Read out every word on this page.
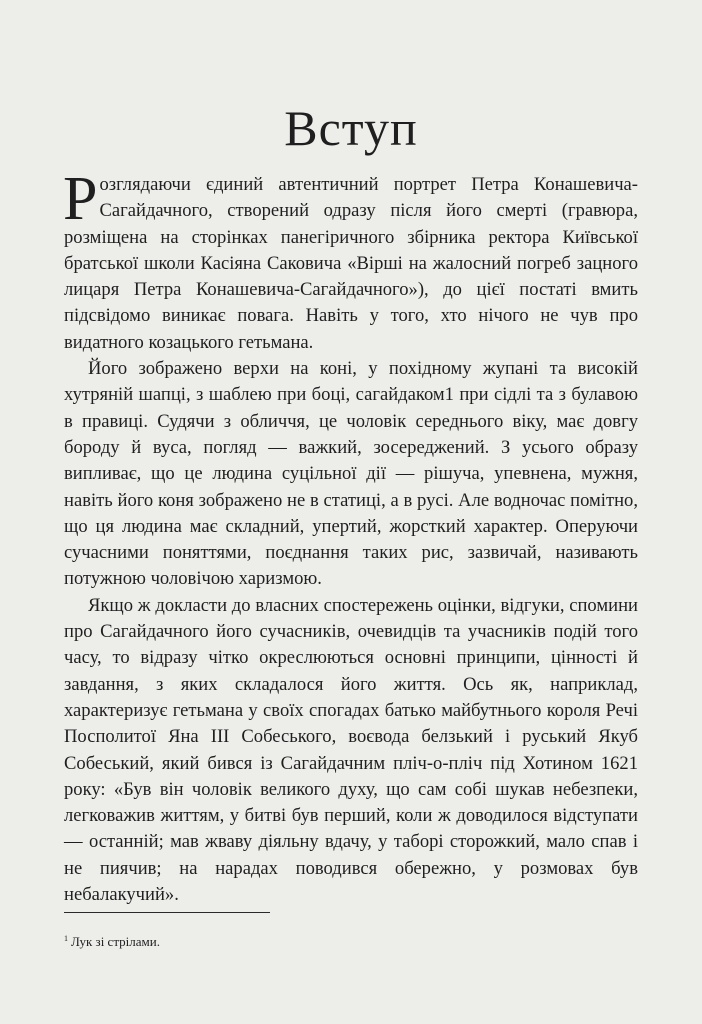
Вступ

Розглядаючи єдиний автентичний портрет Петра Конашевича-Сагайдачного, створений одразу після його смерті (гравюра, розміщена на сторінках панегіричного збірника ректора Київської братської школи Касіяна Саковича «Вірші на жалосний погреб зацного лицаря Петра Конашевича-Сагайдачного»), до цієї постаті вмить підсвідомо виникає повага. Навіть у того, хто нічого не чув про видатного козацького гетьмана.

Його зображено верхи на коні, у похідному жупані та високій хутряній шапці, з шаблею при боці, сагайдаком1 при сідлі та з булавою в правиці. Судячи з обличчя, це чоловік середнього віку, має довгу бороду й вуса, погляд — важкий, зосереджений. З усього образу випливає, що це людина суцільної дії — рішуча, упевнена, мужня, навіть його коня зображено не в статиці, а в русі. Але водночас помітно, що ця людина має складний, упертий, жорсткий характер. Оперуючи сучасними поняттями, поєднання таких рис, зазвичай, називають потужною чоловічою харизмою.

Якщо ж докласти до власних спостережень оцінки, відгуки, спомини про Сагайдачного його сучасників, очевидців та учасників подій того часу, то відразу чітко окреслюються основні принципи, цінності й завдання, з яких складалося його життя. Ось як, наприклад, характеризує гетьмана у своїх спогадах батько майбутнього короля Речі Посполитої Яна III Собеського, воєвода белзький і руський Якуб Собеський, який бився із Сагайдачним пліч-о-пліч під Хотином 1621 року: «Був він чоловік великого духу, що сам собі шукав небезпеки, легковажив життям, у битві був перший, коли ж доводилося відступати — останній; мав жваву діяльну вдачу, у таборі сторожкий, мало спав і не пиячив; на нарадах поводився обережно, у розмовах був небалакучий».

$^1$ Лук зі стрілами.
